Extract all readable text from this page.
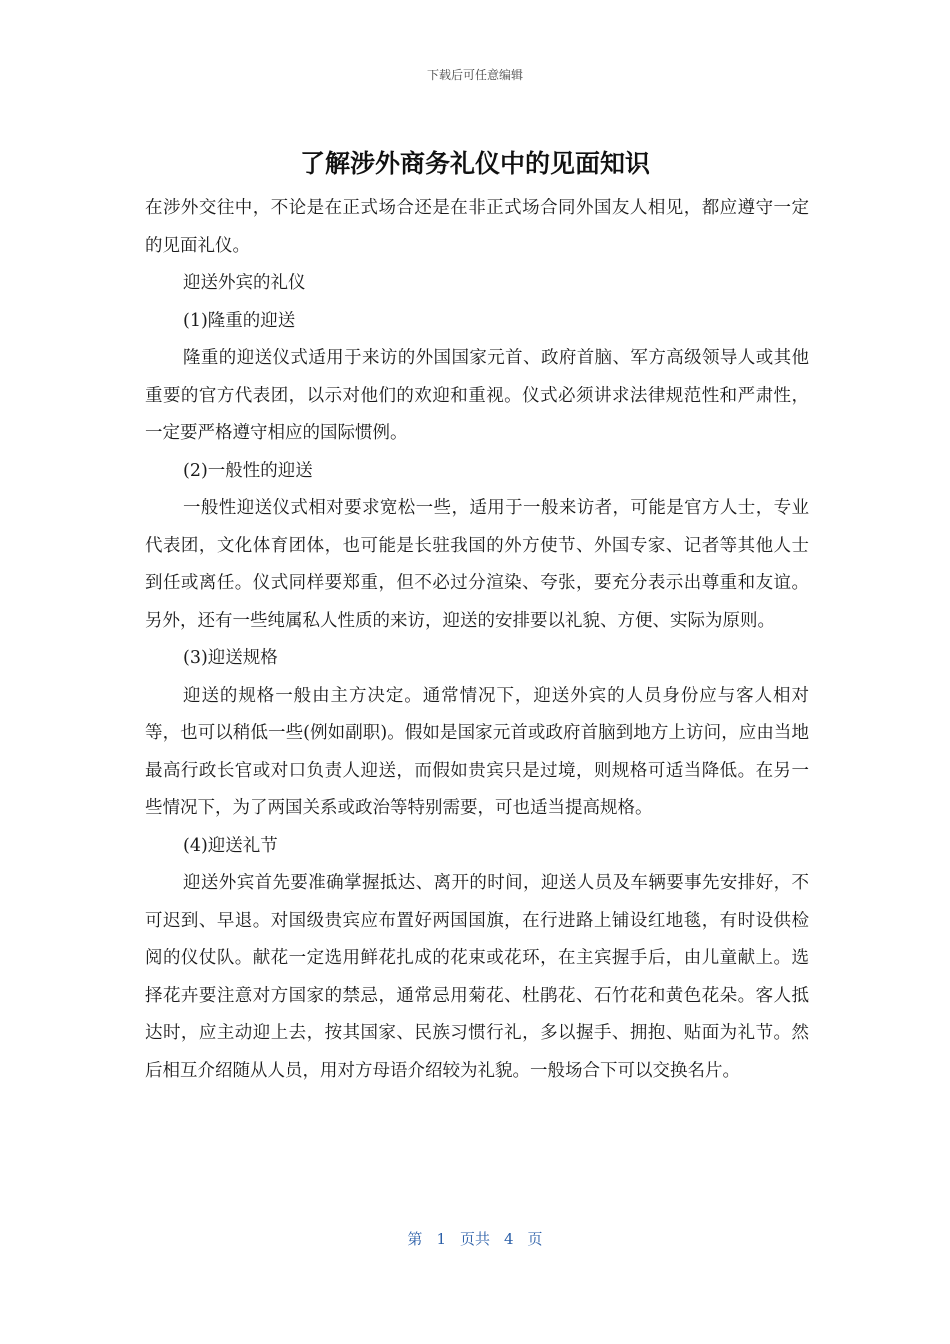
下载后可任意编辑
了解涉外商务礼仪中的见面知识

在涉外交往中，不论是在正式场合还是在非正式场合同外国友人相见，都应遵守一定的见面礼仪。

迎送外宾的礼仪

(1)隆重的迎送

隆重的迎送仪式适用于来访的外国国家元首、政府首脑、军方高级领导人或其他重要的官方代表团，以示对他们的欢迎和重视。仪式必须讲求法律规范性和严肃性，一定要严格遵守相应的国际惯例。

(2)一般性的迎送

一般性迎送仪式相对要求宽松一些，适用于一般来访者，可能是官方人士，专业代表团，文化体育团体，也可能是长驻我国的外方使节、外国专家、记者等其他人士到任或离任。仪式同样要郑重，但不必过分渲染、夸张，要充分表示出尊重和友谊。另外，还有一些纯属私人性质的来访，迎送的安排要以礼貌、方便、实际为原则。

(3)迎送规格

迎送的规格一般由主方决定。通常情况下，迎送外宾的人员身份应与客人相对等，也可以稍低一些(例如副职)。假如是国家元首或政府首脑到地方上访问，应由当地最高行政长官或对口负责人迎送，而假如贵宾只是过境，则规格可适当降低。在另一些情况下，为了两国关系或政治等特别需要，可也适当提高规格。

(4)迎送礼节

迎送外宾首先要准确掌握抵达、离开的时间，迎送人员及车辆要事先安排好，不可迟到、早退。对国级贵宾应布置好两国国旗，在行进路上铺设红地毯，有时设供检阅的仪仗队。献花一定选用鲜花扎成的花束或花环，在主宾握手后，由儿童献上。选择花卉要注意对方国家的禁忌，通常忌用菊花、杜鹃花、石竹花和黄色花朵。客人抵达时，应主动迎上去，按其国家、民族习惯行礼，多以握手、拥抱、贴面为礼节。然后相互介绍随从人员，用对方母语介绍较为礼貌。一般场合下可以交换名片。

第 1 页共 4 页
